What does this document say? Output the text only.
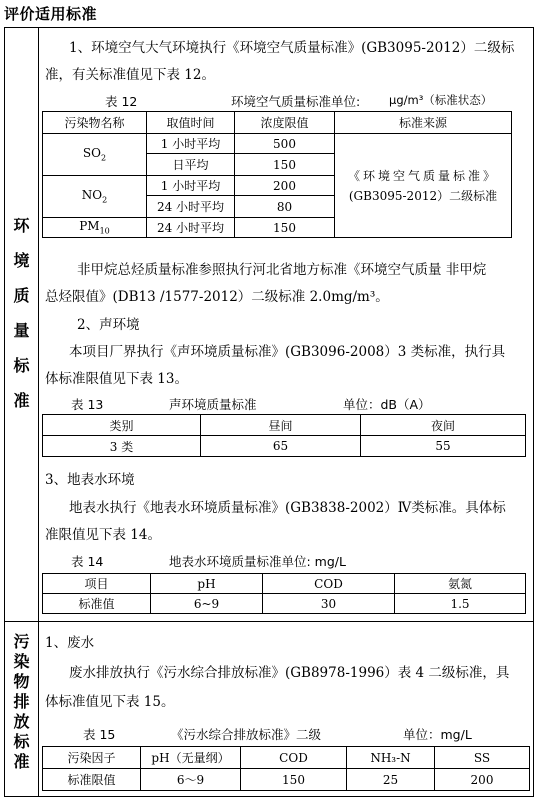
评价适用标准
环
境
质
量
标
准
污
染
物
排
放
标
准
1、环境空气大气环境执行《环境空气质量标准》(GB3095-2012）二级标
准，有关标准值见下表 12。
表 12	环境空气质量标准单位:	μg/m³（标准状态）
污染物名称	取值时间	浓度限值	标准来源
$SO_2$	1 小时平均	500	《环境空气质量标准》
(GB3095-2012）二级标准

	日平均	150	
$NO_2$	1 小时平均	200	
	24 小时平均	80	
$PM_{10}$	24 小时平均	150	
非甲烷总烃质量标准参照执行河北省地方标准《环境空气质量 非甲烷
总烃限值》(DB13 /1577-2012）二级标准 2.0mg/m³。
2、声环境
本项目厂界执行《声环境质量标准》(GB3096-2008）3 类标准，执行具
体标准限值见下表 13。
表 13	声环境质量标准	单位：dB（A）
类别	昼间	夜间
3 类	65	55
3、地表水环境
地表水执行《地表水环境质量标准》(GB3838-2002）Ⅳ类标准。具体标
准限值见下表 14。
表 14	地表水环境质量标准单位: mg/L
项目	pH	COD	氨氮
标准值	6~9	30	1.5
1、废水
废水排放执行《污水综合排放标准》(GB8978-1996）表 4 二级标准，具
体标准值见下表 15。
表 15	《污水综合排放标准》二级	单位：mg/L
污染因子	pH（无量纲）	COD	NH₃-N	SS
标准限值	6～9	150	25	200
